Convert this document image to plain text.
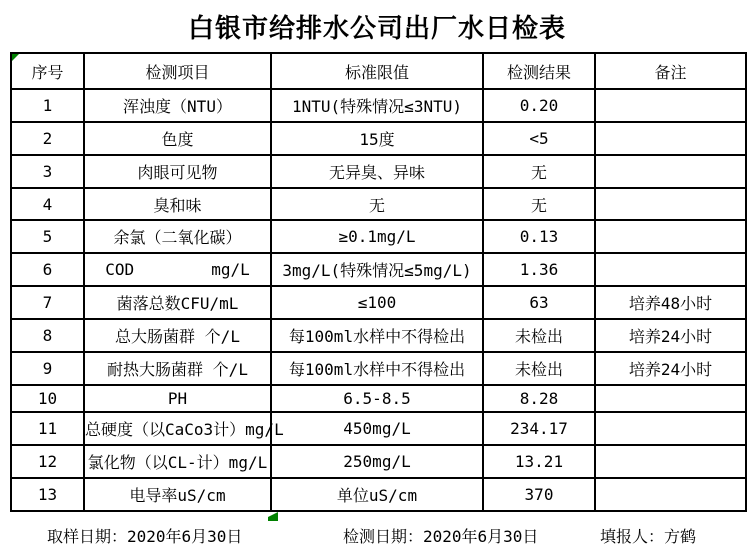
白银市给排水公司出厂水日检表
序号	检测项目	标准限值	检测结果	备注
1	浑浊度（NTU）	1NTU(特殊情况≤3NTU)	0.20	
2	色度	15度	<5	
3	肉眼可见物	无异臭、异味	无	
4	臭和味	无	无	
5	余氯（二氧化碳）	≥0.1mg/L	0.13	
6	COD        mg/L	3mg/L(特殊情况≤5mg/L)	1.36	
7	菌落总数CFU/mL	≤100	63	培养48小时
8	总大肠菌群 个/L	每100ml水样中不得检出	未检出	培养24小时
9	耐热大肠菌群 个/L	每100ml水样中不得检出	未检出	培养24小时
10	PH	6.5-8.5	8.28	
11	总硬度（以CaCo3计）mg/L	450mg/L	234.17	
12	氯化物（以CL-计）mg/L	250mg/L	13.21	
13	电导率uS/cm	单位uS/cm	370	
取样日期：2020年6月30日	检测日期：2020年6月30日	填报人：方鹤
